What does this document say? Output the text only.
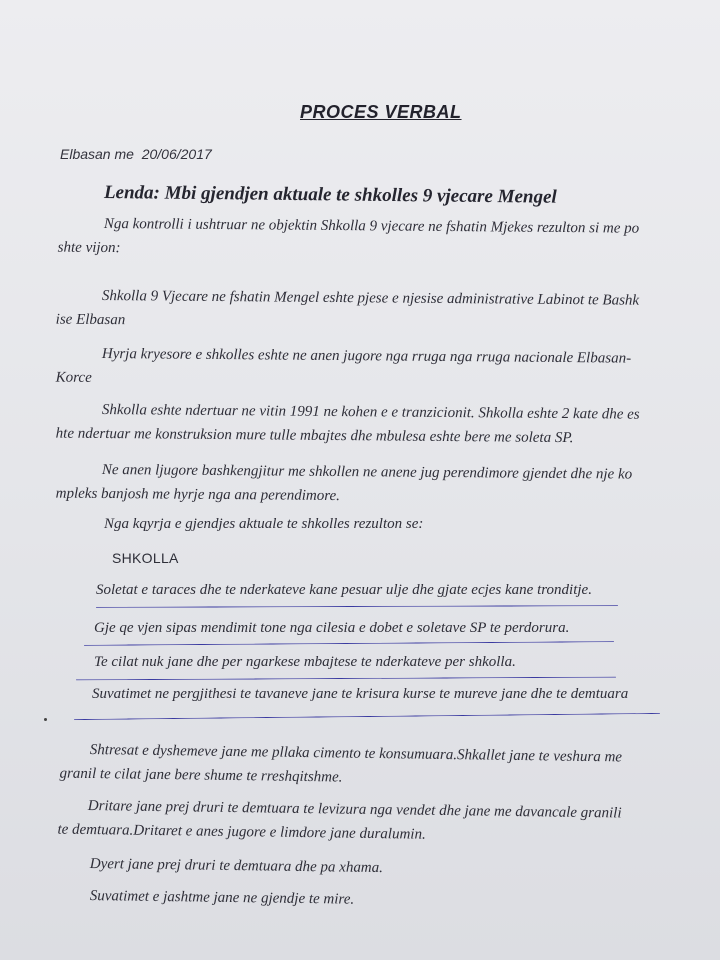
PROCES VERBAL
Elbasan me  20/06/2017
Lenda: Mbi gjendjen aktuale te shkolles 9 vjecare Mengel
Nga kontrolli i ushtruar ne objektin Shkolla 9 vjecare ne fshatin Mjekes rezulton si me po
shte vijon:
Shkolla 9 Vjecare ne fshatin Mengel eshte pjese e njesise administrative Labinot te Bashk
ise Elbasan
Hyrja kryesore e shkolles eshte ne anen jugore nga rruga nga rruga nacionale Elbasan-
Korce
Shkolla eshte ndertuar ne vitin 1991 ne kohen e e tranzicionit. Shkolla eshte 2 kate dhe es
hte ndertuar me konstruksion mure tulle mbajtes dhe mbulesa eshte bere me soleta SP.
Ne anen ljugore bashkengjitur me shkollen ne anene jug perendimore gjendet dhe nje ko
mpleks banjosh me hyrje nga ana perendimore.
Nga kqyrja e gjendjes aktuale te shkolles rezulton se:
SHKOLLA
Soletat e taraces dhe te nderkateve kane pesuar ulje dhe gjate ecjes kane tronditje.
Gje qe vjen sipas mendimit tone nga cilesia e dobet e soletave SP te perdorura.
Te cilat nuk jane dhe per ngarkese mbajtese te nderkateve per shkolla.
Suvatimet ne pergjithesi te tavaneve jane te krisura kurse te mureve jane dhe te demtuara
Shtresat e dyshemeve jane me pllaka cimento te konsumuara.Shkallet jane te veshura me
granil te cilat jane bere shume te rreshqitshme.
Dritare jane prej druri te demtuara te levizura nga vendet dhe jane me davancale granili
te demtuara.Dritaret e anes jugore e limdore jane duralumin.
Dyert jane prej druri te demtuara dhe pa xhama.
Suvatimet e jashtme jane ne gjendje te mire.
